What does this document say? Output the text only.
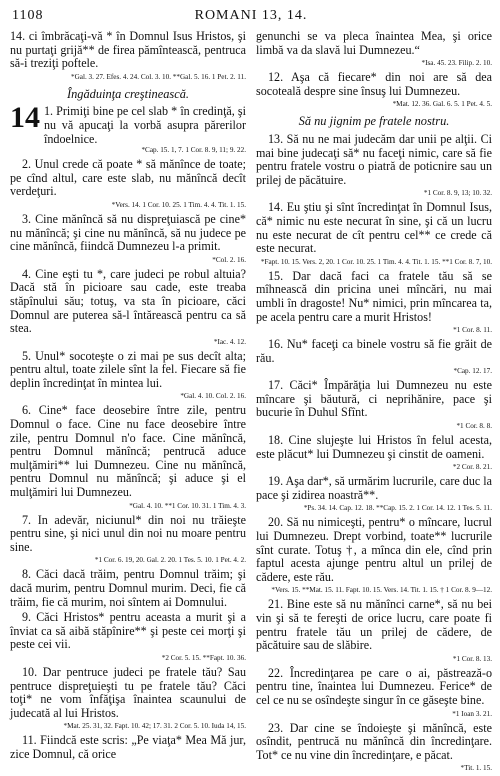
1108	ROMANI 13, 14.

14. ci îmbrăcaţi-vă * în Domnul Isus Hristos, şi nu purtaţi grijă** de firea pămîntească, pentruca să-i treziţi poftele.

*Gal. 3. 27. Efes. 4. 24. Col. 3. 10. **Gal. 5. 16. 1 Pet. 2. 11.

Îngăduinţa creştinească.
14 1. Primiţi bine pe cel slab * în credinţă, şi nu vă apucaţi la vorbă asupra părerilor îndoelnice.

*Cap. 15. 1, 7. 1 Cor. 8. 9, 11; 9. 22.

2. Unul crede că poate * să mănînce de toate; pe cînd altul, care este slab, nu mănîncă decît verdeţuri.

*Vers. 14. 1 Cor. 10. 25. 1 Tim. 4. 4. Tit. 1. 15.

3. Cine mănîncă să nu dispreţuiască pe cine* nu mănîncă; şi cine nu mănîncă, să nu judece pe cine mănîncă, fiindcă Dumnezeu l-a primit.

*Col. 2. 16.

4. Cine eşti tu *, care judeci pe robul altuia? Dacă stă în picioare sau cade, este treaba stăpînului său; totuş, va sta în picioare, căci Domnul are puterea să-l întărească pentru ca să stea.

*Iac. 4. 12.

5. Unul* socoteşte o zi mai pe sus decît alta; pentru altul, toate zilele sînt la fel. Fiecare să fie deplin încredinţat în mintea lui.

*Gal. 4. 10. Col. 2. 16.

6. Cine* face deosebire între zile, pentru Domnul o face. Cine nu face deosebire între zile, pentru Domnul n'o face. Cine mănîncă, pentru Domnul mănîncă; pentrucă aduce mulţămiri** lui Dumnezeu. Cine nu mănîncă, pentru Domnul nu mănîncă; şi aduce şi el mulţămiri lui Dumnezeu.

*Gal. 4. 10. **1 Cor. 10. 31. 1 Tim. 4. 3.

7. In adevăr, niciunul* din noi nu trăieşte pentru sine, şi nici unul din noi nu moare pentru sine.

*1 Cor. 6. 19, 20. Gal. 2. 20. 1 Tes. 5. 10. 1 Pet. 4. 2.

8. Căci dacă trăim, pentru Domnul trăim; şi dacă murim, pentru Domnul murim. Deci, fie că trăim, fie că murim, noi sîntem ai Domnului.

9. Căci Hristos* pentru aceasta a murit şi a înviat ca să aibă stăpînire** şi peste cei morţi şi peste cei vii.

*2 Cor. 5. 15. **Fapt. 10. 36.

10. Dar pentruce judeci pe fratele tău? Sau pentruce dispreţuieşti tu pe fratele tău? Căci toţi* ne vom înfăţişa înaintea scaunului de judecată al lui Hristos.

*Mat. 25. 31, 32. Fapt. 10. 42; 17. 31. 2 Cor. 5. 10. Iuda 14, 15.

11. Fiindcă este scris: „Pe viaţa* Mea Mă jur, zice Domnul, că orice

genunchi se va pleca înaintea Mea, şi orice limbă va da slavă lui Dumnezeu.“

*Isa. 45. 23. Filip. 2. 10.

12. Aşa că fiecare* din noi are să dea socoteală despre sine însuş lui Dumnezeu.

*Mat. 12. 36. Gal. 6. 5. 1 Pet. 4. 5.

Să nu jignim pe fratele nostru.

13. Să nu ne mai judecăm dar unii pe alţii. Ci mai bine judecaţi să* nu faceţi nimic, care să fie pentru fratele vostru o piatră de poticnire sau un prilej de păcătuire.

*1 Cor. 8. 9, 13; 10. 32.

14. Eu ştiu şi sînt încredinţat în Domnul Isus, că* nimic nu este necurat în sine, şi că un lucru nu este necurat de cît pentru cel** ce crede că este necurat.

*Fapt. 10. 15. Vers. 2, 20. 1 Cor. 10. 25. 1 Tim. 4. 4. Tit. 1. 15. **1 Cor. 8. 7, 10.

15. Dar dacă faci ca fratele tău să se mîhnească din pricina unei mîncări, nu mai umbli în dragoste! Nu* nimici, prin mîncarea ta, pe acela pentru care a murit Hristos!

*1 Cor. 8. 11.

16. Nu* faceţi ca binele vostru să fie grăit de rău.

*Cap. 12. 17.

17. Căci* Împărăţia lui Dumnezeu nu este mîncare şi băutură, ci neprihănire, pace şi bucurie în Duhul Sfînt.

*1 Cor. 8. 8.

18. Cine slujeşte lui Hristos în felul acesta, este plăcut* lui Dumnezeu şi cinstit de oameni.

*2 Cor. 8. 21.

19. Aşa dar*, să urmărim lucrurile, care duc la pace şi zidirea noastră**.

*Ps. 34. 14. Cap. 12. 18. **Cap. 15. 2. 1 Cor. 14. 12. 1 Tes. 5. 11.

20. Să nu nimiceşti, pentru* o mîncare, lucrul lui Dumnezeu. Drept vorbind, toate** lucrurile sînt curate. Totuş †, a mînca din ele, cînd prin faptul acesta ajunge pentru altul un prilej de cădere, este rău.

*Vers. 15. **Mat. 15. 11. Fapt. 10. 15. Vers. 14. Tit. 1. 15. † 1 Cor. 8. 9—12.

21. Bine este să nu mănînci carne*, să nu bei vin şi să te fereşti de orice lucru, care poate fi pentru fratele tău un prilej de cădere, de păcătuire sau de slăbire.

*1 Cor. 8. 13.

22. Încredinţarea pe care o ai, păstrează-o pentru tine, înaintea lui Dumnezeu. Ferice* de cel ce nu se osîndeşte singur în ce găseşte bine.

*1 Ioan 3. 21.

23. Dar cine se îndoieşte şi mănîncă, este osîndit, pentrucă nu mănîncă din încredinţare. Tot* ce nu vine din încredinţare, e păcat.

*Tit. 1. 15.
